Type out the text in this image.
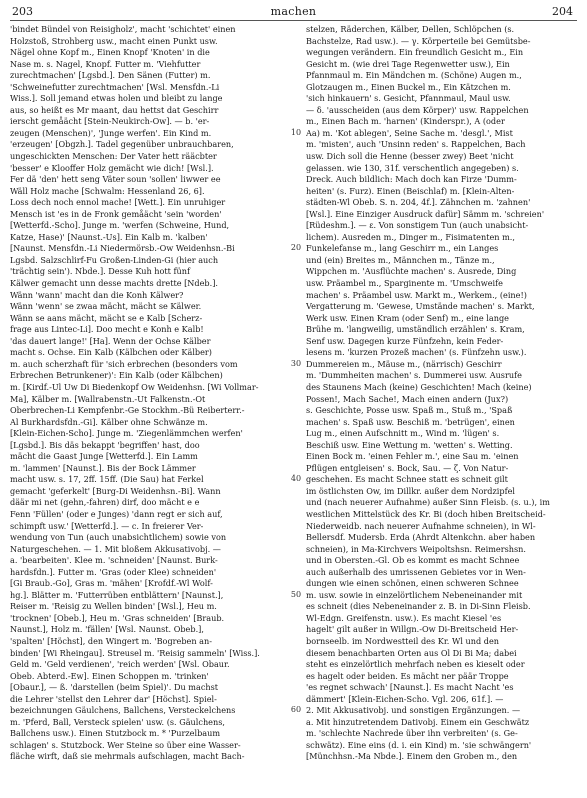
203	machen	204
'bindet Bündel von Reisigholz', macht 'schichtet' einen
Holzstoß, Strohberg usw., macht einen Punkt usw.
Nägel ohne Kopf m., Einen Knopf 'Knoten' in die
Nase m. s. Nagel, Knopf. Futter m. 'Viehfutter
zurechtmachen' [Lgsbd.]. Den Sänen (Futter) m.
'Schweinefutter zurechtmachen' [Wsl. Mensfdn.-Li
Wiss.]. Soll jemand etwas holen und bleibt zu lange
aus, so heißt es Mr maant, dau hettst dat Geschirr
ierscht gemåächt [Stein-Neukirch-Ow]. — b. 'er-
zeugen (Menschen)', 'Junge werfen'. Ein Kind m.
'erzeugen' [Obgzh.]. Tadel gegenüber unbrauchbaren,
ungeschickten Menschen: Der Vater hett rääcbter
'besser' e Klooffer Holz gemächt wie dich! [Wsl.].
Fer dä 'den' hett seng Väter soun 'sollen' liwwer ee
Wäll Holz mache [Schwalm: Hessenland 26, 6].
Loss dech noch ennol mache! [Wett.]. Ein unruhiger
Mensch ist 'es in de Fronk gemåächt 'sein 'worden'
[Wetterfd.-Scho]. Junge m. 'werfen (Schweine, Hund,
Katze, Hase)' [Naunst.-Us]. Ein Kalb m. 'kalben'
[Naunst. Mensfdn.-Li Niedermörsb.-Ow Weidenhsn.-Bi
Lgsbd. Salzschlirf-Fu Großen-Linden-Gi (hier auch
'trächtig sein'). Nbde.]. Desse Kuh hott fünf
Kälwer gemacht unn desse machts drette [Ndeb.].
Wänn 'wann' macht dan die Konh Kälwer?
Wänn 'wenn' se zwaa mächt, mächt se Kälwer.
Wänn se aans mächt, mächt se e Kalb [Scherz-
frage aus Lintec-Li]. Doo mecht e Konh e Kalb!
'das dauert lange!' [Ha]. Wenn der Ochse Kälber
macht s. Ochse. Ein Kalb (Kälbchen oder Kälber)
m. auch scherzhaft für 'sich erbrechen (besonders vom
Erbrechen Betrunkener)': Ein Kalb (oder Kälbchen)
m. [Kirdf.-Ul Uw Di Biedenkopf Ow Weidenhsn. [Wi Vollmar-
Ma], Kälber m. [Wallrabenstn.-Ut Falkenstn.-Ot
Oberbrechen-Li Kempfenbr.-Ge Stockhm.-Bü Reiberterr.-
Al Burkhardsfdn.-Gi]. Kälber ohne Schwänze m.
[Klein-Eichen-Scho]. Junge m. 'Ziegenlämmchen werfen'
[Lgsbd.]. Bis däs bekappt 'begriffen' hast, doo
mächt die Gaast Junge [Wetterfd.]. Ein Lamm
m. 'lammen' [Naunst.]. Bis der Bock Lämmer
macht usw. s. 17, 2ff. 15ff. (Die Sau) hat Ferkel
gemacht 'geferkelt' [Burg-Di Weidenhsn.-Bi]. Wann
däär mi net (gehn,-fahren) dirf, doo mächt e e
Fenn 'Füllen' (oder e Junges) 'dann regt er sich auf,
schimpft usw.' [Wetterfd.]. — c. In freierer Ver-
wendung von Tun (auch unabsichtlichem) sowie von
Naturgeschehen. — 1. Mit bloßem Akkusativobj. —
a. 'bearbeiten'. Klee m. 'schneiden' [Naunst. Burk-
hardsfdn.]. Futter m. 'Gras (oder Klee) schneiden'
[Gi Braub.-Go], Gras m. 'mähen' [Krofdf.-Wl Wolf-
hg.]. Blätter m. 'Futterrüben entblättern' [Naunst.],
Reiser m. 'Reisig zu Wellen binden' [Wsl.], Heu m.
'trocknen' [Obeb.], Heu m. 'Gras schneiden' [Braub.
Naunst.], Holz m. 'fällen' [Wsl. Naunst. Obeb.],
'spalten' [Höchst], den Wingert m. 'Bogreben an-
binden' [Wi Rheingau]. Streusel m. 'Reisig sammeln' [Wiss.].
Geld m. 'Geld verdienen', 'reich werden' [Wsl. Obaur.
Obeb. Abterd.-Ew]. Einen Schoppen m. 'trinken'
[Obaur.], — ß. 'darstellen (beim Spiel)'. Du machst
die Lehrer 'stellst den Lehrer dar' [Höchst]. Spiel-
bezeichnungen Gäulchens, Ballchens, Versteckelchens
m. 'Pferd, Ball, Versteck spielen' usw. (s. Gäulchens,
Ballchens usw.). Einen Stutzbock m. * 'Purzelbaum
schlagen' s. Stutzbock. Wer Steine so über eine Wasser-
fläche wirft, daß sie mehrmals aufschlagen, macht Bach-
10
20
30
40
50
60
stelzen, Räderchen, Kälber, Dellen, Schlöpchen (s.
Bachstelze, Rad usw.). — γ. Körperteile bei Gemütsbe-
wegungen verändern. Ein freundlich Gesicht m., Ein
Gesicht m. (wie drei Tage Regenwetter usw.), Ein
Pfannmaul m. Ein Mändchen m. (Schöne) Augen m.,
Glotzaugen m., Einen Buckel m., Ein Kätzchen m.
'sich hinkauern' s. Gesicht, Pfannmaul, Maul usw.
— δ. 'ausscheiden (aus dem Körper)' usw. Rappelchen
m., Einen Bach m. 'harnen' (Kinderspr.), A (oder
Aa) m. 'Kot ablegen', Seine Sache m. 'desgl.', Mist
m. 'misten', auch 'Unsinn reden' s. Rappelchen, Bach
usw. Dich soll die Henne (besser zwey) Beet 'nicht
gelassen. wie 130, 31f. verschentlich angegeben) s.
Dreck. Auch bildlich: Mach doch kan Firze 'Dumm-
heiten' (s. Furz). Einen (Beischlaf) m. [Klein-Alten-
städten-Wl Obeb. S. n. 204, 4f.]. Zähnchen m. 'zahnen'
[Wsl.]. Eine Einziger Ausdruck dafür] Sämm m. 'schreien'
[Rüdeshm.]. — ε. Von sonstigem Tun (auch unabsicht-
lichem). Ausreden m., Dinger m., Fisimatenten m.,
Funkelefanse m., lang Geschirr m., ein Langes
und (ein) Breites m., Männchen m., Tänze m.,
Wippchen m. 'Ausflüchte machen' s. Ausrede, Ding
usw. Präambel m., Sparginente m. 'Umschweife
machen' s. Präambel usw. Markt m., Werkem., (eine!)
Vergatterung m. 'Gewese, Umstände machen' s. Markt,
Werk usw. Einen Kram (oder Senf) m., eine lange
Brühe m. 'langweilig, umständlich erzählen' s. Kram,
Senf usw. Dagegen kurze Fünfzehn, kein Feder-
lesens m. 'kurzen Prozeß machen' (s. Fünfzehn usw.).
Dummereien m., Mäuse m., (närrisch) Geschirr
m. 'Dummheiten machen' s. Dummerei usw. Ausrufe
des Staunens Mach (keine) Geschichten! Mach (keine)
Possen!, Mach Sache!, Mach einen andern (Jux?)
s. Geschichte, Posse usw. Spaß m., Stuß m., 'Spaß
machen' s. Spaß usw. Beschiß m. 'betrügen', einen
Lug m., einen Aufschnitt m., Wind m. 'lügen' s.
Beschiß usw. Eine Wettung m. 'wetten' s. Wetting.
Einen Bock m. 'einen Fehler m.', eine Sau m. 'einen
Pflügen entgleisen' s. Bock, Sau. — ζ. Von Natur-
geschehen. Es macht Schnee statt es schneit gilt
im östlichsten Ow, im Dillkr. außer dem Nordzipfel
und (nach neuerer Aufnahme) außer Sinn Fleisb. (s. u.), im
westlichen Mittelstück des Kr. Bi (doch hiben Breitscheid-
Niederweidb. nach neuerer Aufnahme schneien), in Wl-
Bellersdf. Mudersb. Erda (Ahrdt Altenkchn. aber haben
schneien), in Ma-Kirchvers Weipoltshsn. Reimershsn.
und in Obersten.-Gl. Ob es kommt es macht Schnee
auch außerhalb des umrissenen Gebietes vor in Wen-
dungen wie einen schönen, einen schweren Schnee
m. usw. sowie in einzelörtlichem Nebeneinander mit
es schneit (dies Nebeneinander z. B. in Di-Sinn Fleisb.
Wl-Edgn. Greifenstn. usw.). Es macht Kiesel 'es
hagelt' gilt außer in Willgn.-Ow Di-Breitscheid Her-
bornseelb. im Nordwestteil des Kr. Wl und den
diesem benachbarten Orten aus Ol Di Bi Ma; dabei
steht es einzelörtlich mehrfach neben es kieselt oder
es hagelt oder beiden. Es mächt ner päär Troppe
'es regnet schwach' [Naunst.]. Es macht Nacht 'es
dämmert' [Klein-Eichen-Scho. Vgl. 206, 61f.]. —
2. Mit Akkusativobj. und sonstigen Ergänzungen. —
a. Mit hinzutretendem Dativobj. Einem ein Geschwätz
m. 'schlechte Nachrede über ihn verbreiten' (s. Ge-
schwätz). Eine eins (d. i. ein Kind) m. 'sie schwängern'
[Münchhsn.-Ma Nbde.]. Einem den Groben m., den
